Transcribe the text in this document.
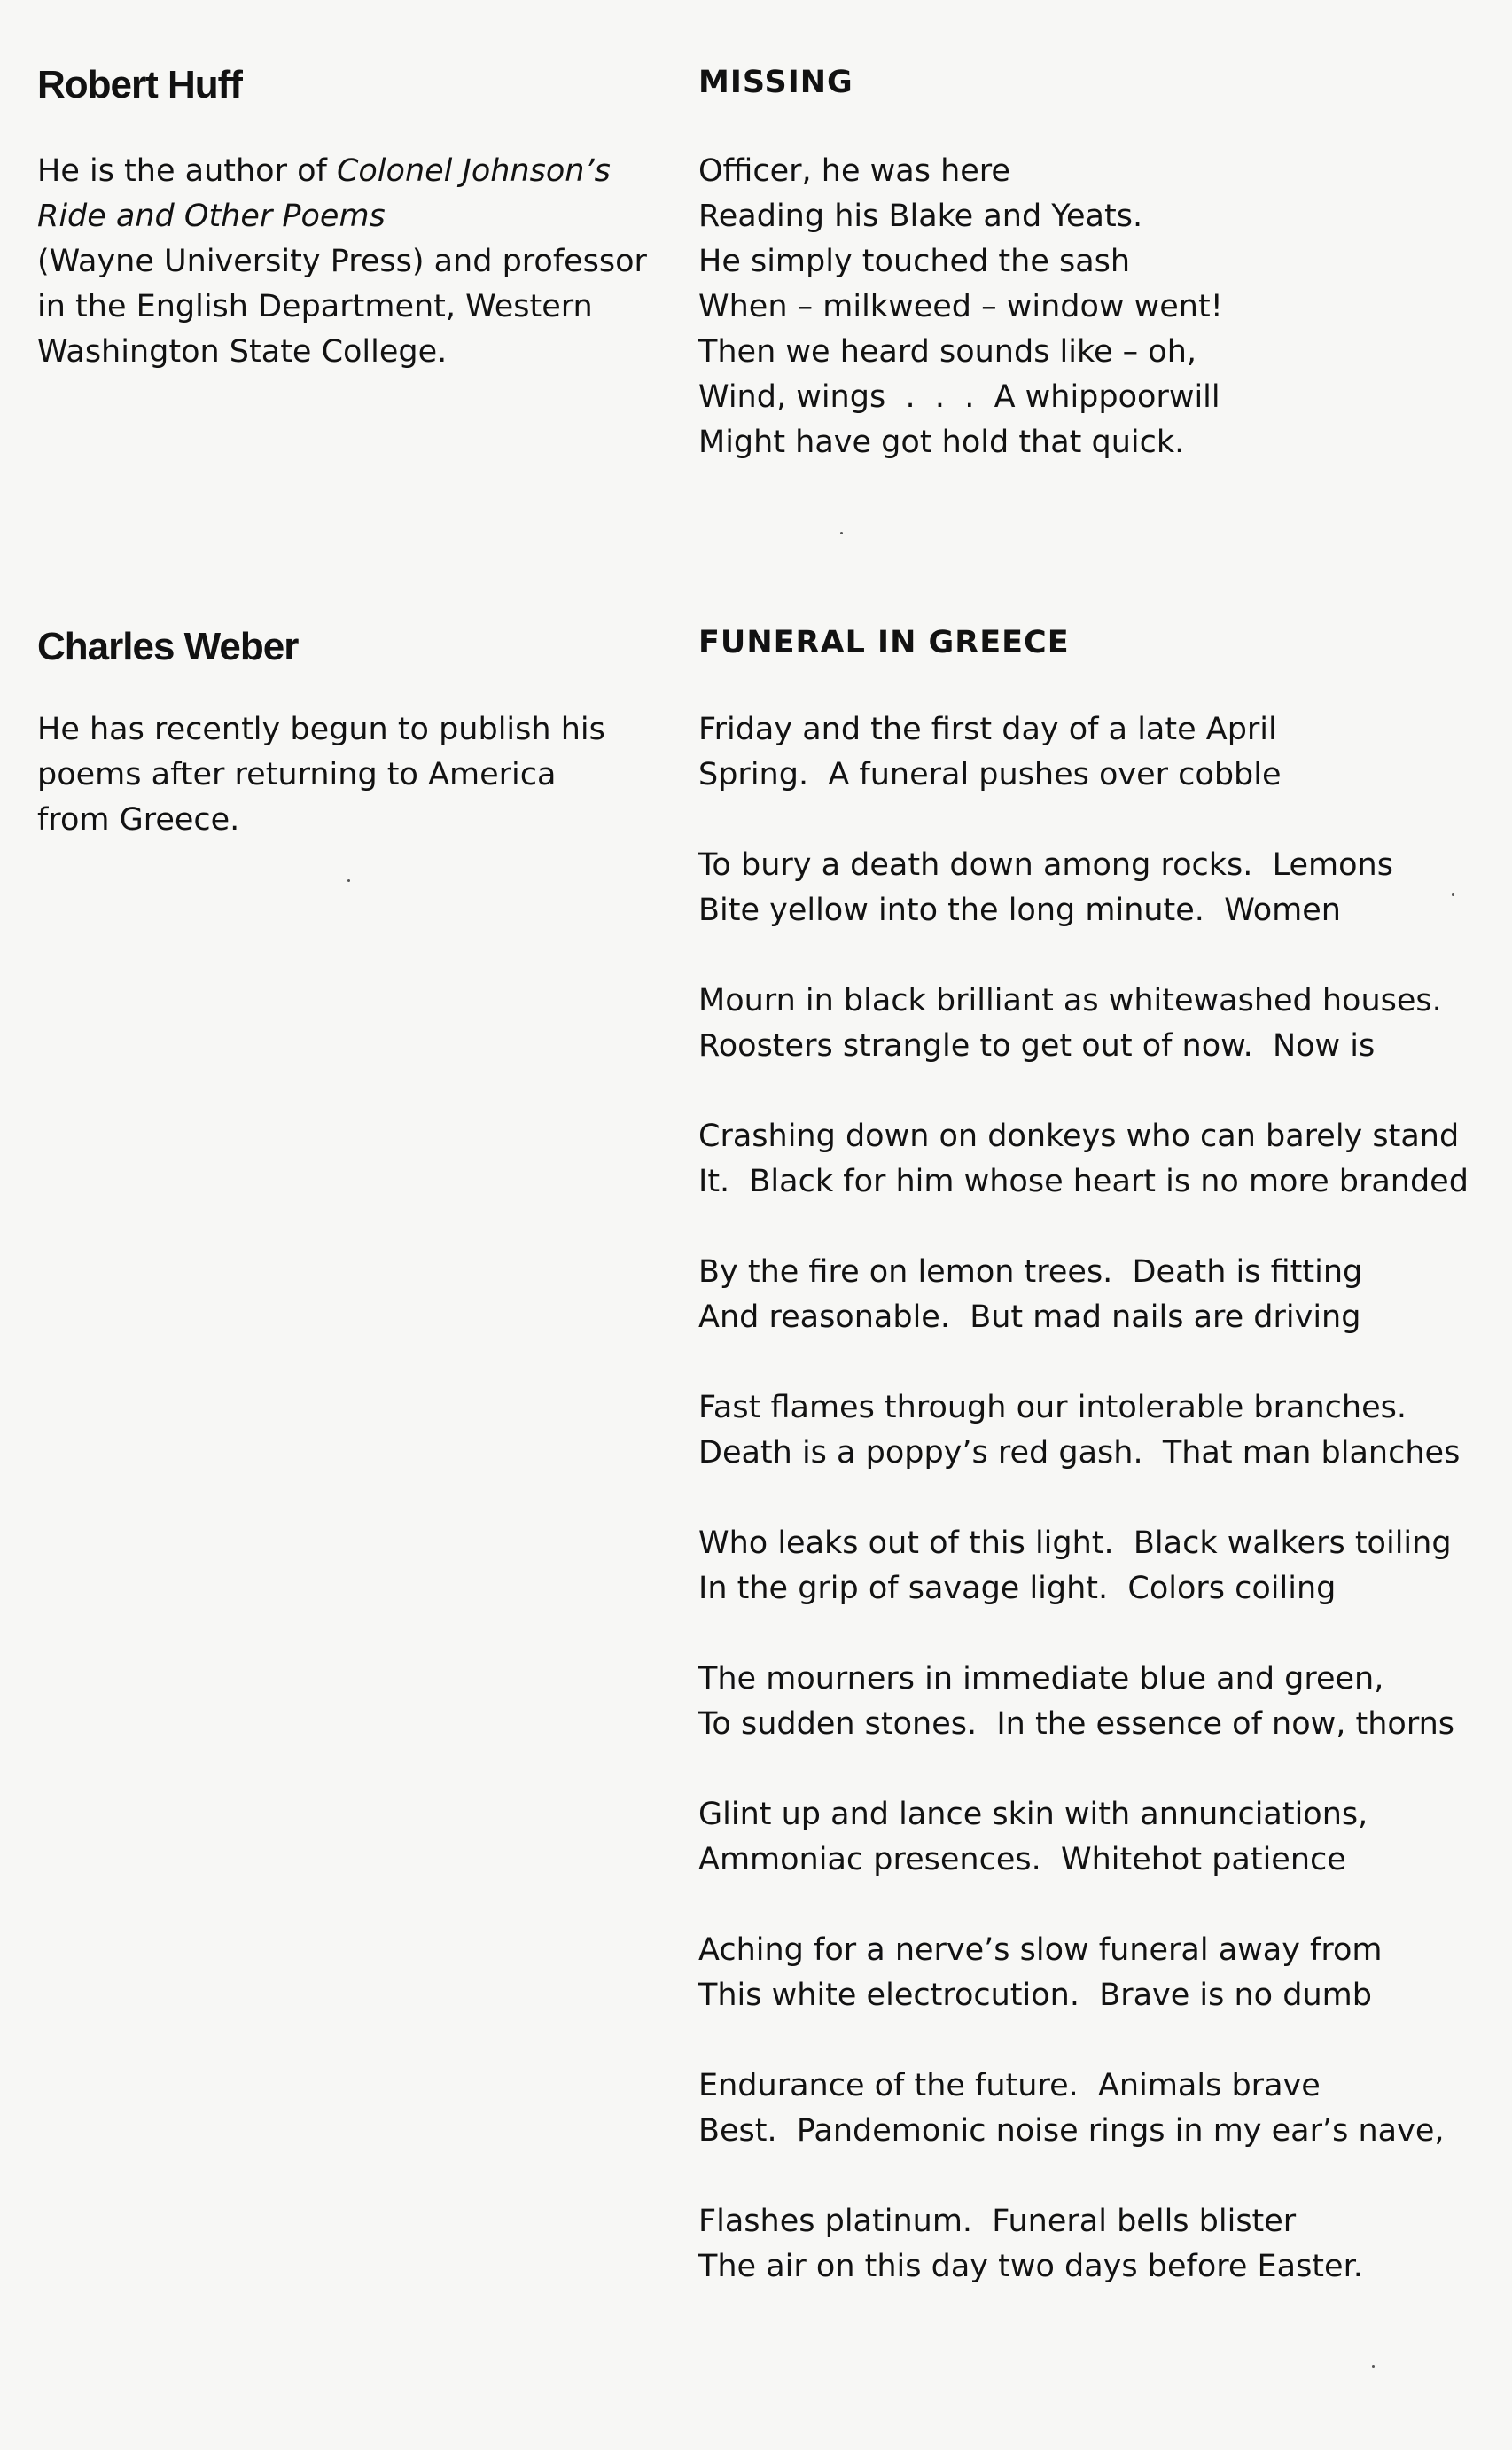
Robert Huff

He is the author of Colonel Johnson’s
Ride and Other Poems
(Wayne University Press) and professor
in the English Department, Western
Washington State College.

MISSING
Officer, he was here
Reading his Blake and Yeats.
He simply touched the sash
When – milkweed – window went!
Then we heard sounds like – oh,
Wind, wings  .  .  .  A whippoorwill
Might have got hold that quick.
Charles Weber

He has recently begun to publish his
poems after returning to America
from Greece.

FUNERAL IN GREECE
Friday and the first day of a late April
Spring.  A funeral pushes over cobble
To bury a death down among rocks.  Lemons
Bite yellow into the long minute.  Women
Mourn in black brilliant as whitewashed houses.
Roosters strangle to get out of now.  Now is
Crashing down on donkeys who can barely stand
It.  Black for him whose heart is no more branded
By the fire on lemon trees.  Death is fitting
And reasonable.  But mad nails are driving
Fast flames through our intolerable branches.
Death is a poppy’s red gash.  That man blanches
Who leaks out of this light.  Black walkers toiling
In the grip of savage light.  Colors coiling
The mourners in immediate blue and green,
To sudden stones.  In the essence of now, thorns
Glint up and lance skin with annunciations,
Ammoniac presences.  Whitehot patience
Aching for a nerve’s slow funeral away from
This white electrocution.  Brave is no dumb
Endurance of the future.  Animals brave
Best.  Pandemonic noise rings in my ear’s nave,
Flashes platinum.  Funeral bells blister
The air on this day two days before Easter.
